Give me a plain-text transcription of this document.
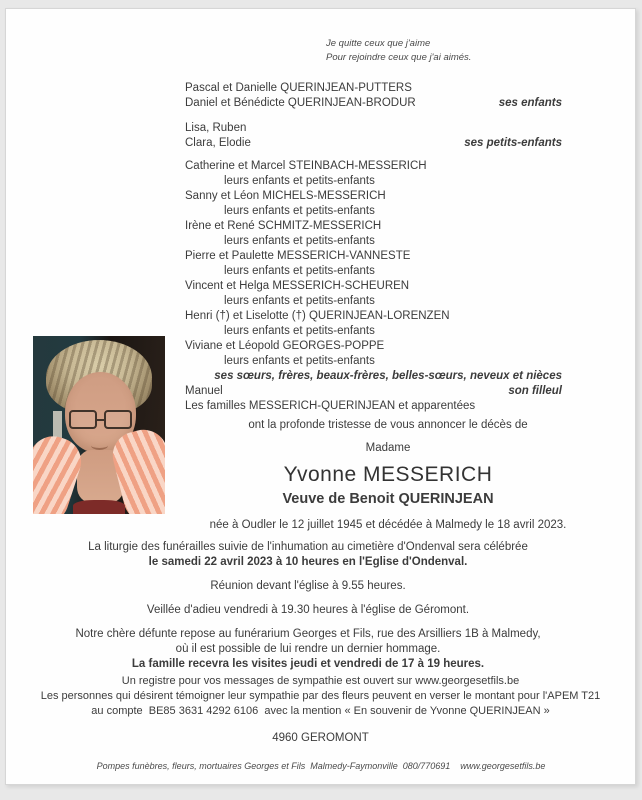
Je quitte ceux que j'aime
Pour rejoindre ceux que j'ai aimés.
Pascal et Danielle QUERINJEAN-PUTTERS
Daniel et Bénédicte QUERINJEAN-BRODUR	ses enfants
Lisa, Ruben
Clara, Elodie	ses petits-enfants
Catherine et Marcel STEINBACH-MESSERICH
leurs enfants et petits-enfants
Sanny et Léon MICHELS-MESSERICH
leurs enfants et petits-enfants
Irène et René SCHMITZ-MESSERICH
leurs enfants et petits-enfants
Pierre et Paulette MESSERICH-VANNESTE
leurs enfants et petits-enfants
Vincent et Helga MESSERICH-SCHEUREN
leurs enfants et petits-enfants
Henri (†) et Liselotte (†) QUERINJEAN-LORENZEN
leurs enfants et petits-enfants
Viviane et Léopold GEORGES-POPPE
leurs enfants et petits-enfants
ses sœurs, frères, beaux-frères, belles-sœurs, neveux et nièces
Manuel	son filleul
Les familles MESSERICH-QUERINJEAN et apparentées
ont la profonde tristesse de vous annoncer le décès de
Madame
Yvonne MESSERICH
Veuve de Benoit QUERINJEAN
née à Oudler le 12 juillet 1945 et décédée à Malmedy le 18 avril 2023.
La liturgie des funérailles suivie de l'inhumation au cimetière d'Ondenval sera célébrée
le samedi 22 avril 2023 à 10 heures en l'Eglise d'Ondenval.
Réunion devant l'église à 9.55 heures.
Veillée d'adieu vendredi à 19.30 heures à l'église de Géromont.
Notre chère défunte repose au funérarium Georges et Fils, rue des Arsilliers 1B à Malmedy,
où il est possible de lui rendre un dernier hommage.
La famille recevra les visites jeudi et vendredi de 17 à 19 heures.
Un registre pour vos messages de sympathie est ouvert sur www.georgesetfils.be
Les personnes qui désirent témoigner leur sympathie par des fleurs peuvent en verser le montant pour l'APEM T21
au compte  BE85 3631 4292 6106  avec la mention « En souvenir de Yvonne QUERINJEAN »
4960 GEROMONT
Pompes funèbres, fleurs, mortuaires Georges et Fils  Malmedy-Faymonville  080/770691    www.georgesetfils.be
